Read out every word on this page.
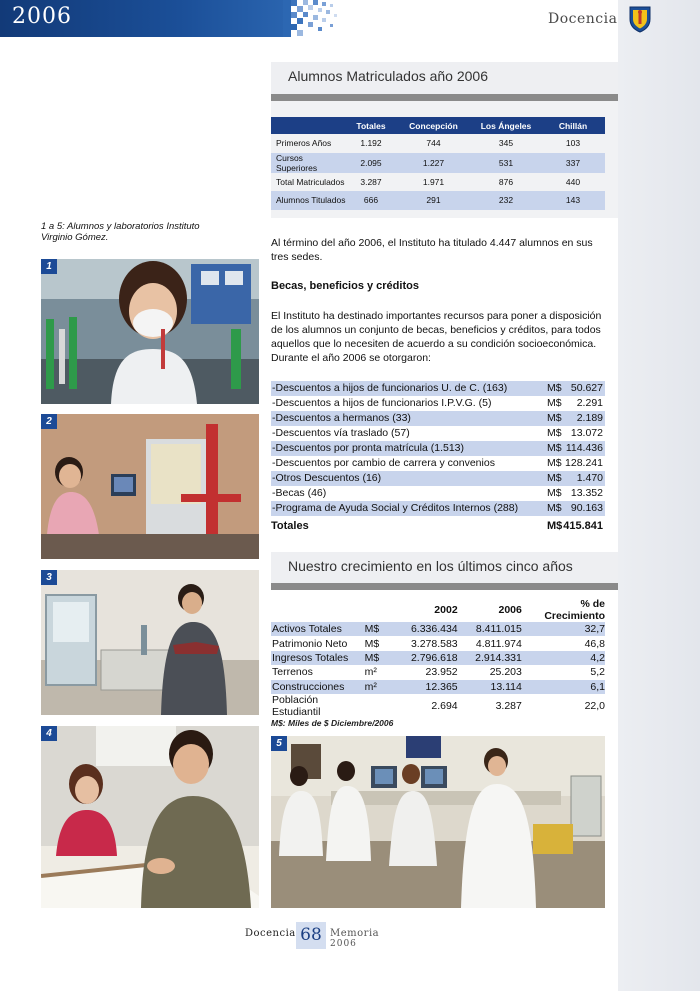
2006	Docencia
Alumnos Matriculados año 2006
	Totales	Concepción	Los Ángeles	Chillán
Primeros Años	1.192	744	345	103
Cursos Superiores	2.095	1.227	531	337
Total Matriculados	3.287	1.971	876	440
Alumnos Titulados	666	291	232	143

1 a 5: Alumnos y laboratorios Instituto Virginio Gómez.

1
2
3
4

Al término del año 2006, el Instituto ha titulado 4.447 alumnos en sus tres sedes.

Becas, beneficios y créditos

El Instituto ha destinado importantes recursos para poner a disposición de los alumnos un conjunto de becas, beneficios y créditos, para todos aquellos que lo necesiten de acuerdo a su condición socioeconómica. Durante el año 2006 se otorgaron:

-Descuentos a hijos de funcionarios U. de C. (163)	M$ 50.627
-Descuentos a hijos de funcionarios I.P.V.G. (5)	M$ 2.291
-Descuentos a hermanos (33)	M$ 2.189
-Descuentos vía traslado (57)	M$ 13.072
-Descuentos por pronta matrícula (1.513)	M$ 114.436
-Descuentos por cambio de carrera y convenios	M$ 128.241
-Otros Descuentos (16)	M$ 1.470
-Becas (46)	M$ 13.352
-Programa de Ayuda Social y Créditos Internos (288)	M$ 90.163
Totales	M$ 415.841
Nuestro crecimiento en los últimos cinco años
		2002	2006	% de Crecimiento
Activos Totales	M$	6.336.434	8.411.015	32,7
Patrimonio Neto	M$	3.278.583	4.811.974	46,8
Ingresos Totales	M$	2.796.618	2.914.331	4,2
Terrenos	m²	23.952	25.203	5,2
Construcciones	m²	12.365	13.114	6,1
Población Estudiantil		2.694	3.287	22,0
M$: Miles de $ Diciembre/2006
5
Docencia 68 Memoria
2006
